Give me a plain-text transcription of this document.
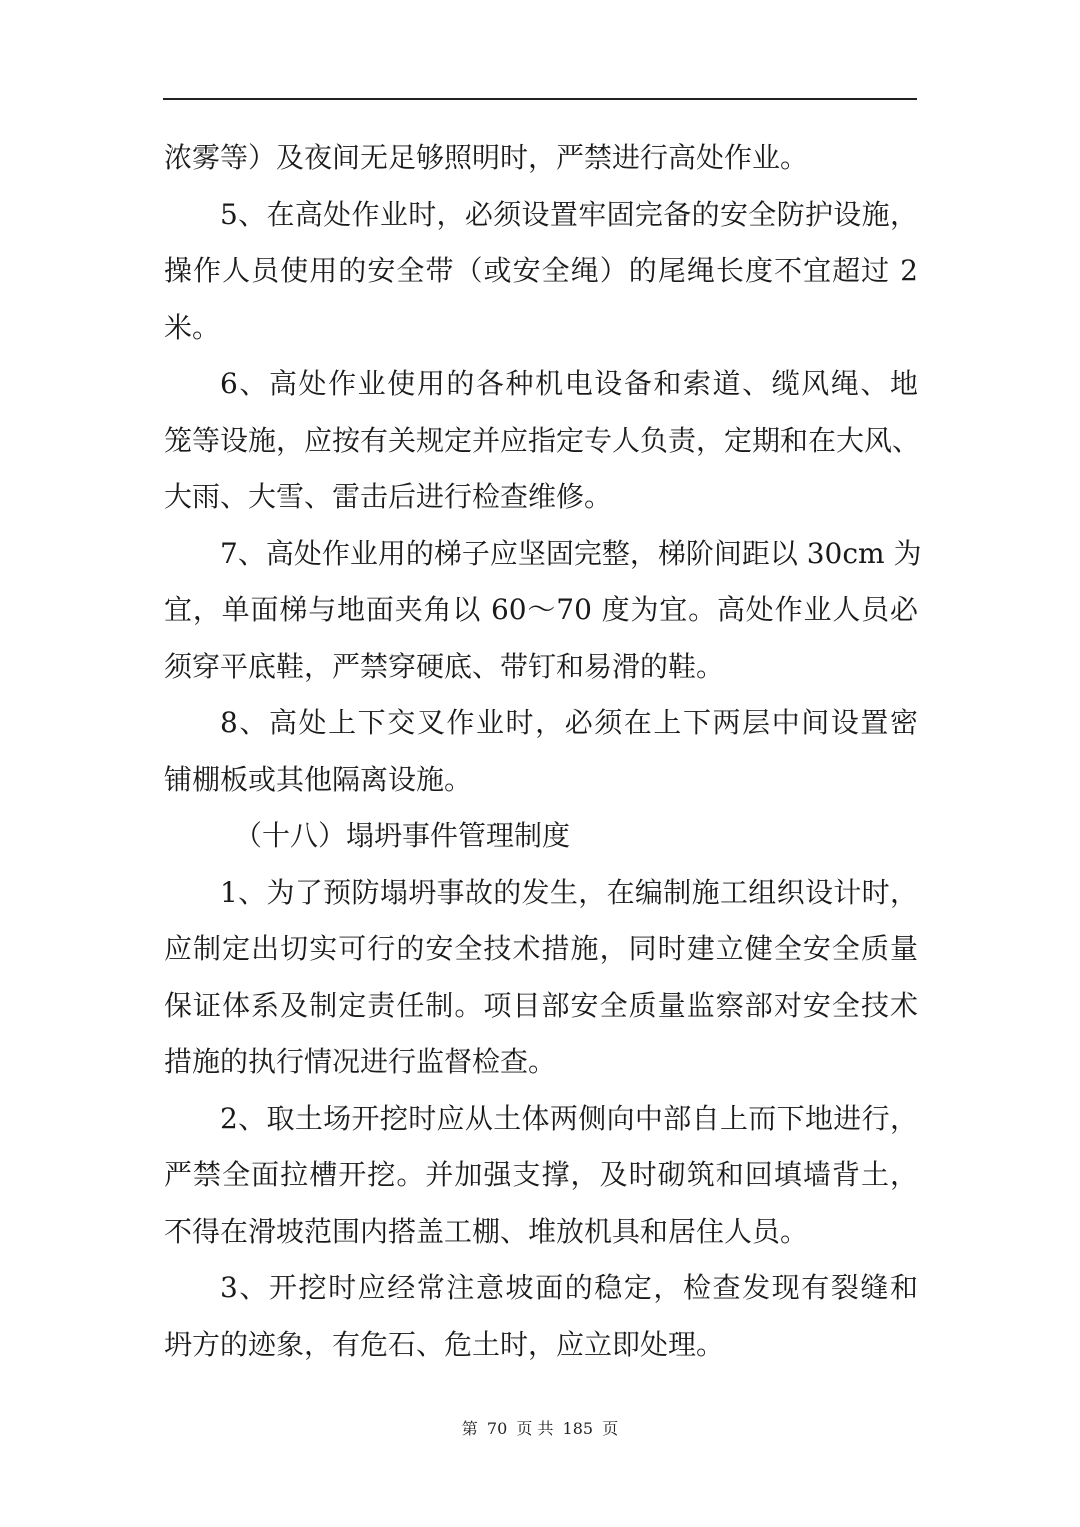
浓雾等）及夜间无足够照明时，严禁进行高处作业。
5、在高处作业时，必须设置牢固完备的安全防护设施，
操作人员使用的安全带（或安全绳）的尾绳长度不宜超过 2
米。
6、高处作业使用的各种机电设备和索道、缆风绳、地
笼等设施，应按有关规定并应指定专人负责，定期和在大风、
大雨、大雪、雷击后进行检查维修。
7、高处作业用的梯子应坚固完整，梯阶间距以 30cm 为
宜，单面梯与地面夹角以 60～70 度为宜。高处作业人员必
须穿平底鞋，严禁穿硬底、带钉和易滑的鞋。
8、高处上下交叉作业时，必须在上下两层中间设置密
铺棚板或其他隔离设施。
（十八）塌坍事件管理制度
1、为了预防塌坍事故的发生，在编制施工组织设计时，
应制定出切实可行的安全技术措施，同时建立健全安全质量
保证体系及制定责任制。项目部安全质量监察部对安全技术
措施的执行情况进行监督检查。
2、取土场开挖时应从土体两侧向中部自上而下地进行，
严禁全面拉槽开挖。并加强支撑，及时砌筑和回填墙背土，
不得在滑坡范围内搭盖工棚、堆放机具和居住人员。
3、开挖时应经常注意坡面的稳定，检查发现有裂缝和
坍方的迹象，有危石、危土时，应立即处理。
第 70 页 共 185 页
